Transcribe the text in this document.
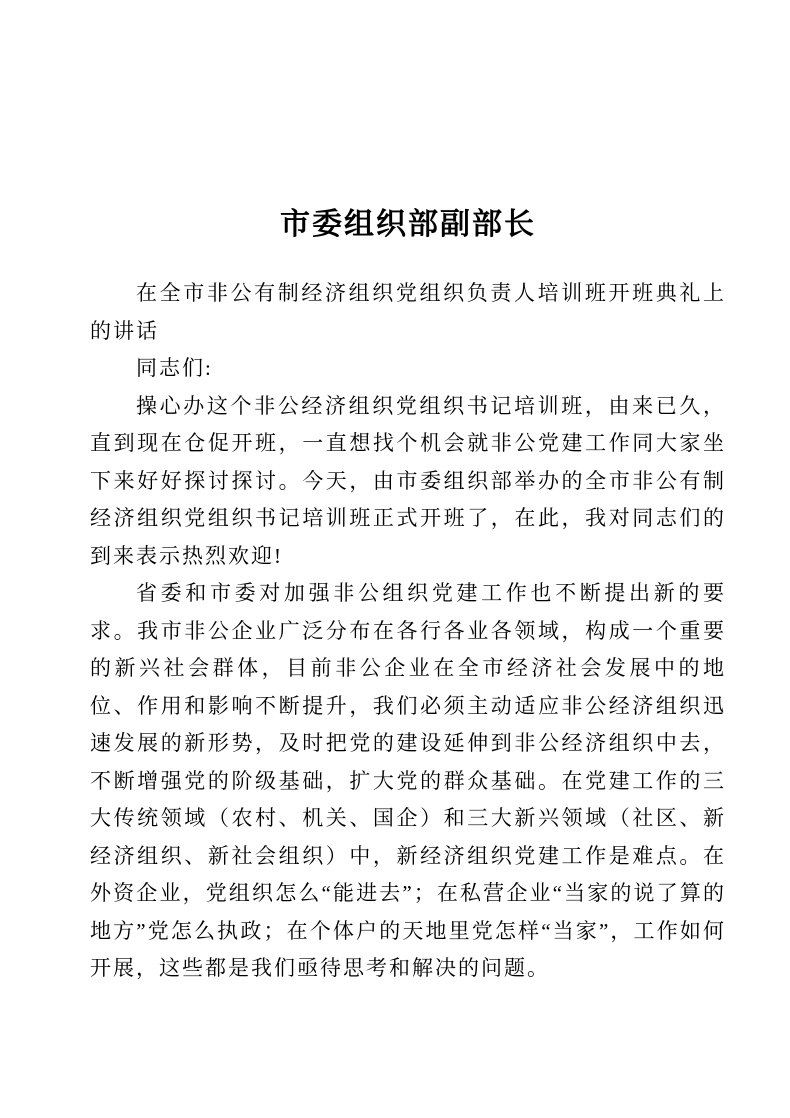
市委组织部副部长

在全市非公有制经济组织党组织负责人培训班开班典礼上的讲话

同志们:

操心办这个非公经济组织党组织书记培训班，由来已久，直到现在仓促开班，一直想找个机会就非公党建工作同大家坐下来好好探讨探讨。今天，由市委组织部举办的全市非公有制经济组织党组织书记培训班正式开班了，在此，我对同志们的到来表示热烈欢迎!

省委和市委对加强非公组织党建工作也不断提出新的要求。我市非公企业广泛分布在各行各业各领域，构成一个重要的新兴社会群体，目前非公企业在全市经济社会发展中的地位、作用和影响不断提升，我们必须主动适应非公经济组织迅速发展的新形势，及时把党的建设延伸到非公经济组织中去，不断增强党的阶级基础，扩大党的群众基础。在党建工作的三大传统领域（农村、机关、国企）和三大新兴领域（社区、新经济组织、新社会组织）中，新经济组织党建工作是难点。在外资企业，党组织怎么“能进去”；在私营企业“当家的说了算的地方”党怎么执政；在个体户的天地里党怎样“当家”，工作如何开展，这些都是我们亟待思考和解决的问题。
